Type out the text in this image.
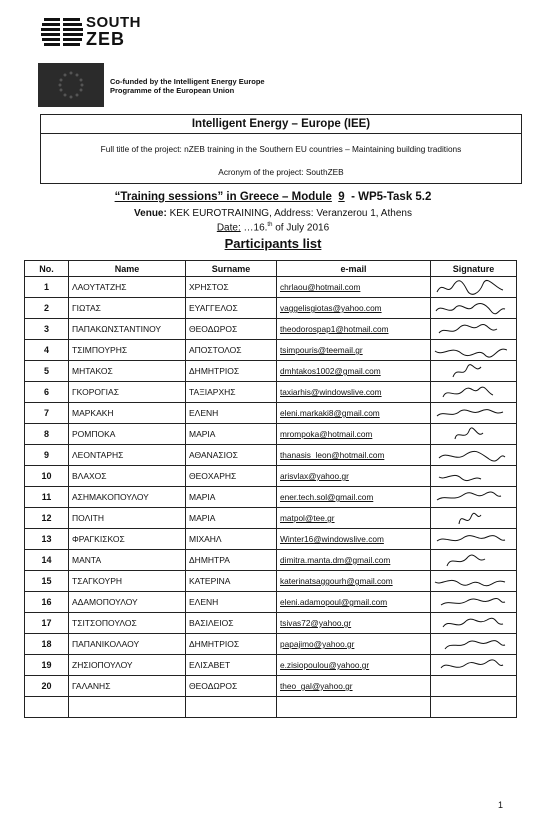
SOUTH
ZEB
Co-funded by the Intelligent Energy Europe
Programme of the European Union
Intelligent Energy – Europe (IEE)
Full title of the project: nZEB training in the Southern EU countries – Maintaining building traditions
Acronym of the project: SouthZEB
“Training sessions” in Greece – Module 9 - WP5-Task 5.2
Venue: KEK EUROTRAINING, Address: Veranzerou 1, Athens
Date: …16.$^{th}$ of July 2016
Participants list
No.	Name	Surname	e-mail	Signature
1	ΛΑΟΥΤΑΤΖΗΣ	ΧΡΗΣΤΟΣ	chrlaou@hotmail.com	

2	ΓΙΩΤΑΣ	ΕΥΑΓΓΕΛΟΣ	vaggelisgiotas@yahoo.com	

3	ΠΑΠΑΚΩΝΣΤΑΝΤΙΝΟΥ	ΘΕΟΔΩΡΟΣ	theodorospap1@hotmail.com	

4	ΤΣΙΜΠΟΥΡΗΣ	ΑΠΟΣΤΟΛΟΣ	tsimpouris@teemail.gr	

5	ΜΗΤΑΚΟΣ	ΔΗΜΗΤΡΙΟΣ	dmhtakos1002@gmail.com	

6	ΓΚΟΡΟΓΙΑΣ	ΤΑΞΙΑΡΧΗΣ	taxiarhis@windowslive.com	

7	ΜΑΡΚΑΚΗ	ΕΛΕΝΗ	eleni.markaki8@gmail.com	

8	ΡΟΜΠΟΚΑ	ΜΑΡΙΑ	mrompoka@hotmail.com	

9	ΛΕΟΝΤΑΡΗΣ	ΑΘΑΝΑΣΙΟΣ	thanasis_leon@hotmail.com	

10	ΒΛΑΧΟΣ	ΘΕΟΧΑΡΗΣ	arisvlax@yahoo.gr	

11	ΑΣΗΜΑΚΟΠΟΥΛΟΥ	ΜΑΡΙΑ	ener.tech.sol@gmail.com	

12	ΠΟΛΙΤΗ	ΜΑΡΙΑ	matpol@tee.gr	

13	ΦΡΑΓΚΙΣΚΟΣ	ΜΙΧΑΗΛ	Winter16@windowslive.com	

14	ΜΑΝΤΑ	ΔΗΜΗΤΡΑ	dimitra.manta.dm@gmail.com	

15	ΤΣΑΓΚΟΥΡΗ	ΚΑΤΕΡΙΝΑ	katerinatsaggourh@gmail.com	

16	ΑΔΑΜΟΠΟΥΛΟΥ	ΕΛΕΝΗ	eleni.adamopoul@gmail.com	

17	ΤΣΙΤΣΟΠΟΥΛΟΣ	ΒΑΣΙΛΕΙΟΣ	tsivas72@yahoo.gr	

18	ΠΑΠΑΝΙΚΟΛΑΟΥ	ΔΗΜΗΤΡΙΟΣ	papajimo@yahoo.gr	

19	ΖΗΣΙΟΠΟΥΛΟΥ	ΕΛΙΣΑΒΕΤ	e.zisiopoulou@yahoo.gr	

20	ΓΑΛΑΝΗΣ	ΘΕΟΔΩΡΟΣ	theo_gal@yahoo.gr	

1
